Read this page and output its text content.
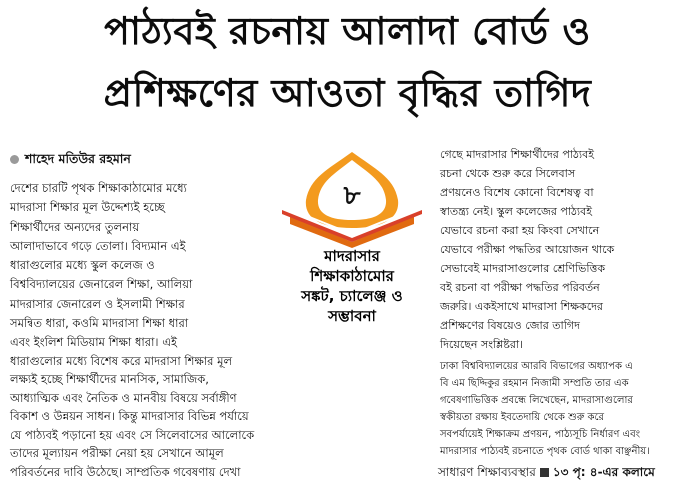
পাঠ্যবই রচনায় আলাদা বোর্ড ও
প্রশিক্ষণের আওতা বৃদ্ধির তাগিদ
শাহেদ মতিউর রহমান

দেশের চারটি পৃথক শিক্ষাকাঠামোর মধ্যে

মাদরাসা শিক্ষার মূল উদ্দেশ্যই হচ্ছে

শিক্ষার্থীদের অন্যদের তুলনায়

আলাদাভাবে গড়ে তোলা। বিদ্যমান এই

ধারাগুলোর মধ্যে স্কুল কলেজ ও

বিশ্ববিদ্যালয়ের জেনারেল শিক্ষা, আলিয়া

মাদরাসার জেনারেল ও ইসলামী শিক্ষার

সমন্বিত ধারা, কওমি মাদরাসা শিক্ষা ধারা

এবং ইংলিশ মিডিয়াম শিক্ষা ধারা। এই

ধারাগুলোর মধ্যে বিশেষ করে মাদরাসা শিক্ষার মূল

লক্ষ্যই হচ্ছে শিক্ষার্থীদের মানসিক, সামাজিক,

আধ্যাত্মিক এবং নৈতিক ও মানবীয় বিষয়ে সর্বাঙ্গীণ

বিকাশ ও উন্নয়ন সাধন। কিন্তু মাদরাসার বিভিন্ন পর্যায়ে

যে পাঠ্যবই পড়ানো হয় এবং সে সিলেবাসের আলোকে

তাদের মূল্যায়ন পরীক্ষা নেয়া হয় সেখানে আমূল

পরিবর্তনের দাবি উঠেছে। সাম্প্রতিক গবেষণায় দেখা

৮
মাদরাসার
শিক্ষাকাঠামোর
সঙ্কট, চ্যালেঞ্জ ও
সম্ভাবনা

গেছে মাদরাসার শিক্ষার্থীদের পাঠ্যবই

রচনা থেকে শুরু করে সিলেবাস

প্রণয়নেও বিশেষ কোনো বিশেষত্ব বা

স্বাতন্ত্র্য নেই। স্কুল কলেজের পাঠ্যবই

যেভাবে রচনা করা হয় কিংবা সেখানে

যেভাবে পরীক্ষা পদ্ধতির আয়োজন থাকে

সেভাবেই মাদরাসাগুলোর শ্রেণিভিত্তিক

বই রচনা বা পরীক্ষা পদ্ধতির পরিবর্তন

জরুরি। একইসাথে মাদরাসা শিক্ষকদের

প্রশিক্ষণের বিষয়েও জোর তাগিদ

দিয়েছেন সংশ্লিষ্টরা।

ঢাকা বিশ্ববিদ্যালয়ের আরবি বিভাগের অধ্যাপক এ

বি এম ছিদ্দিকুর রহমান নিজামী সম্প্রতি তার এক

গবেষণাভিত্তিক প্রবন্ধে লিখেছেন, মাদরাসাগুলোর

স্বকীয়তা রক্ষায় ইবতেদায়ি থেকে শুরু করে

সবপর্যায়েই শিক্ষাক্রম প্রণয়ন, পাঠ্যসূচি নির্ধারণ এবং

মাদরাসার পাঠ্যবই রচনাতে পৃথক বোর্ড থাকা বাঞ্ছনীয়।

সাধারণ শিক্ষাব্যবস্থার ১৩ পৃ: ৪-এর কলামে
